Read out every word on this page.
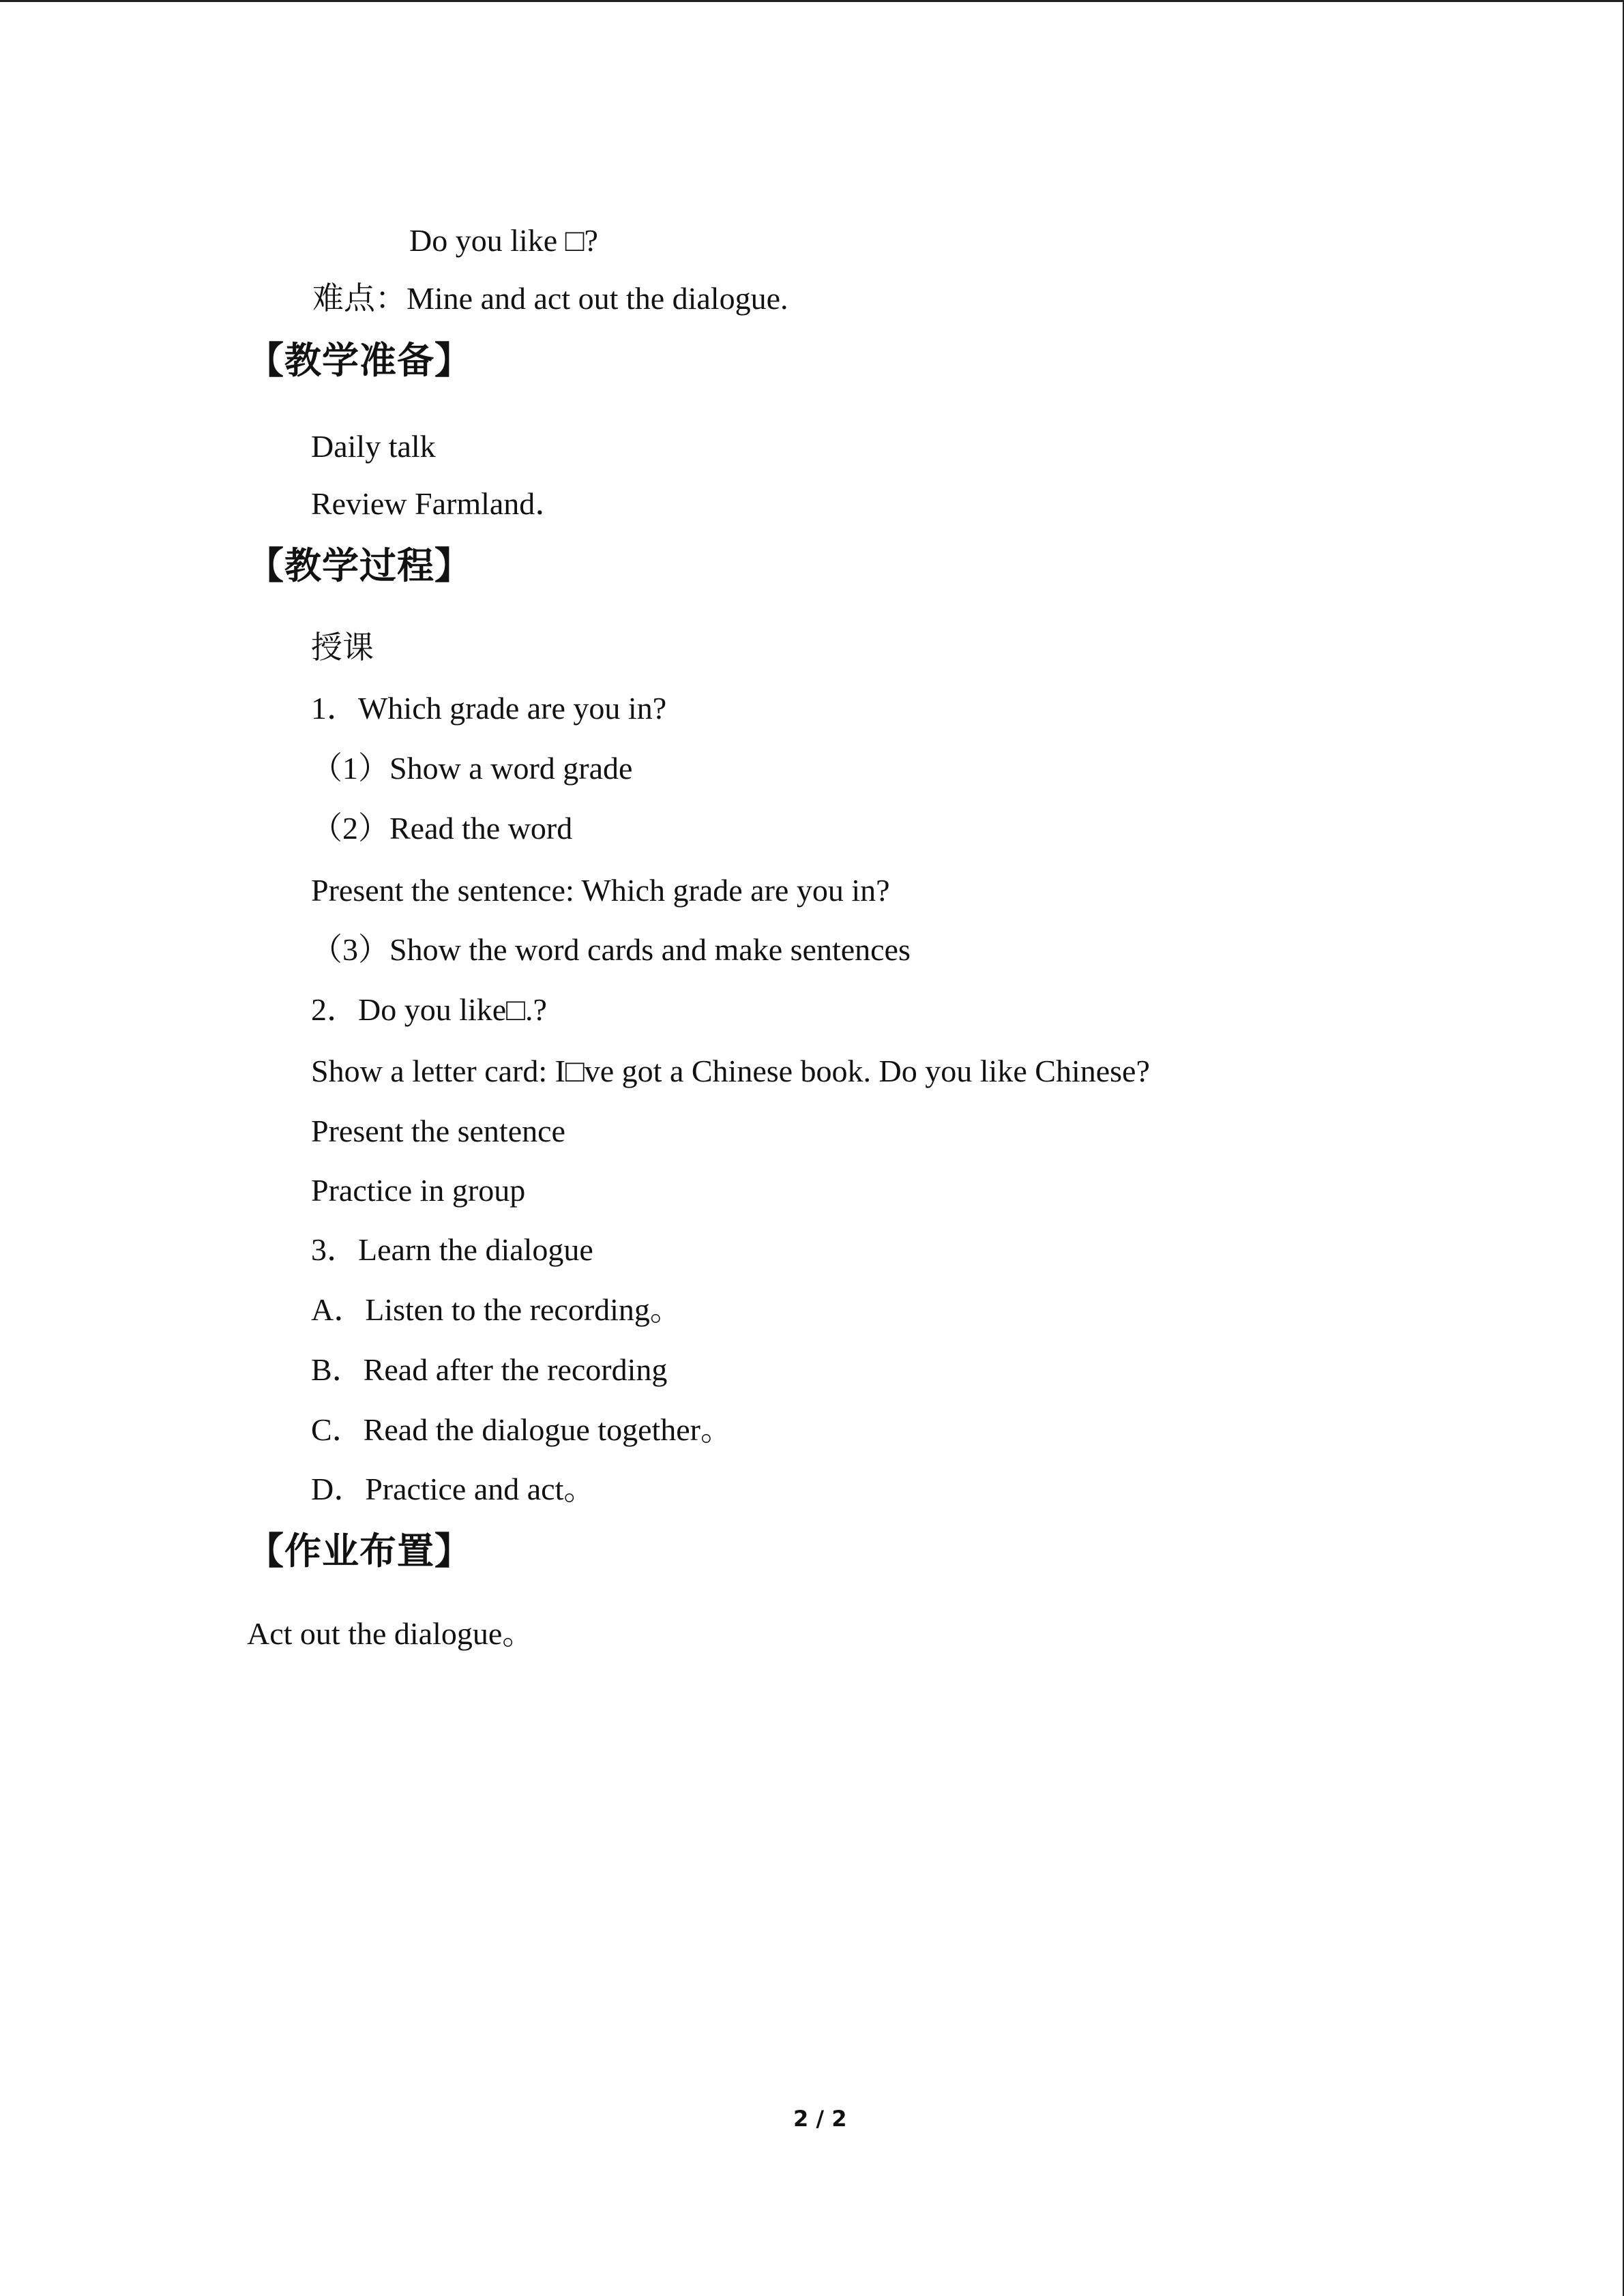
Do you like □?
难点：Mine and act out the dialogue.
【教学准备】
Daily talk
Review Farmland．
【教学过程】
授课
1．Which grade are you in?
（1）Show a word grade
（2）Read the word
Present the sentence: Which grade are you in?
（3）Show the word cards and make sentences
2．Do you like□.?
Show a letter card: I□ve got a Chinese book. Do you like Chinese?
Present the sentence
Practice in group
3．Learn the dialogue
A．Listen to the recording。
B．Read after the recording
C．Read the dialogue together。
D．Practice and act。
【作业布置】
Act out the dialogue。
2 / 2
